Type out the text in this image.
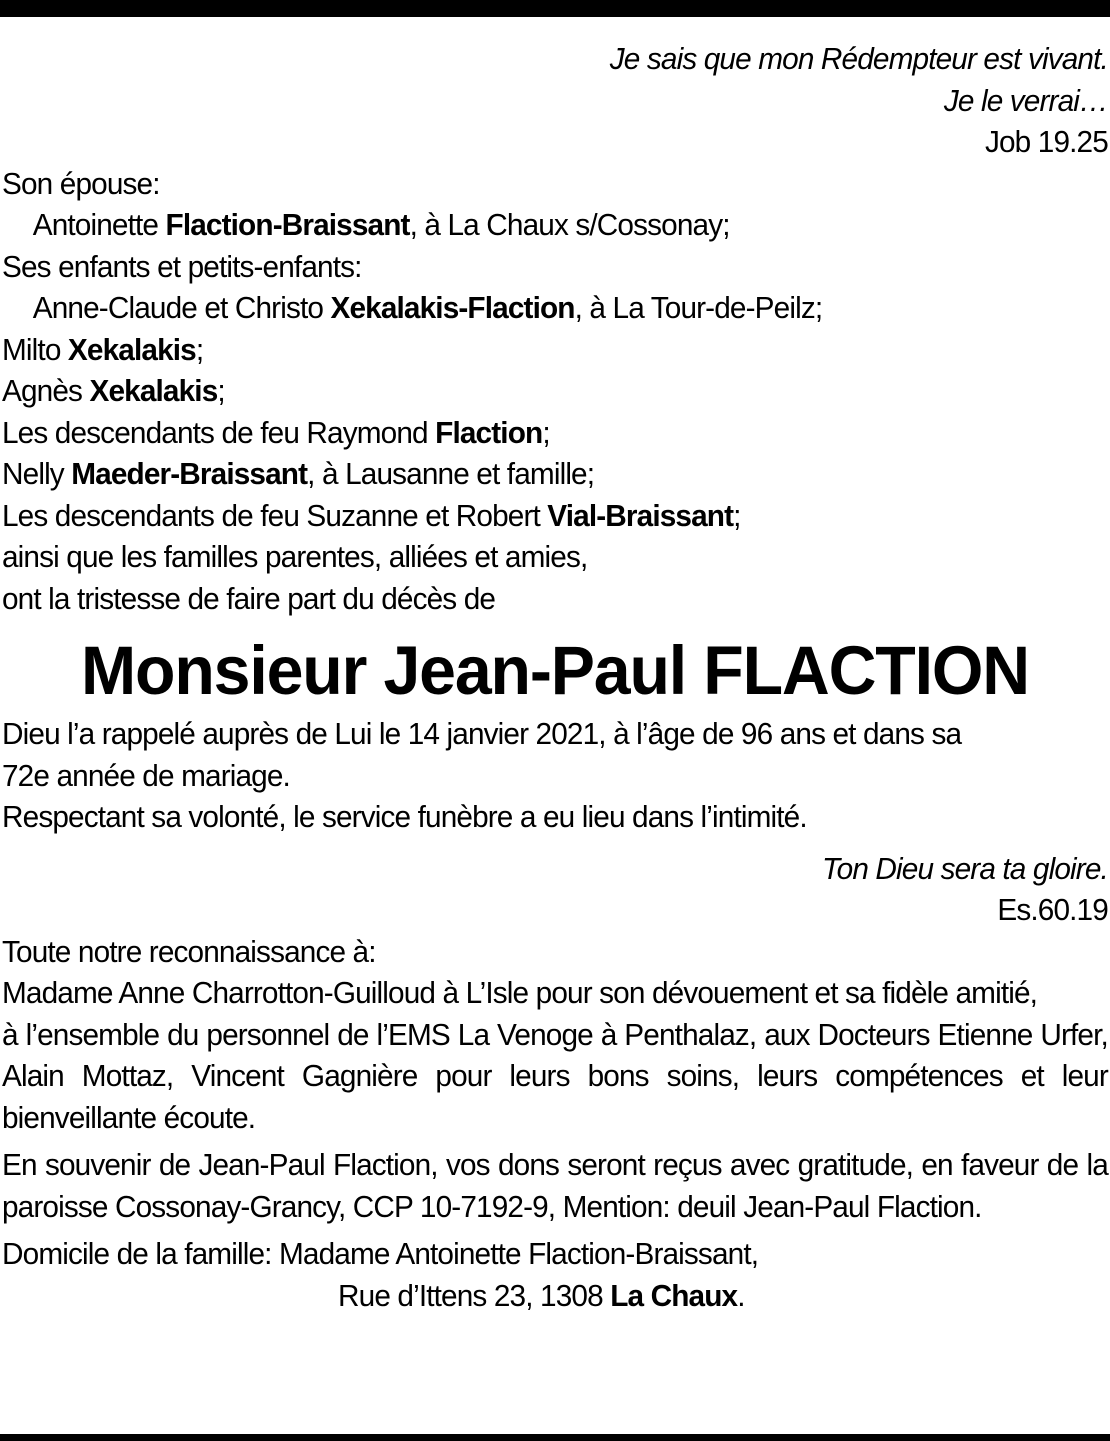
Je sais que mon Rédempteur est vivant.
Je le verrai…
Job 19.25
Son épouse:
Antoinette Flaction-Braissant, à La Chaux s/Cossonay;
Ses enfants et petits-enfants:
Anne-Claude et Christo Xekalakis-Flaction, à La Tour-de-Peilz;
Milto Xekalakis;
Agnès Xekalakis;
Les descendants de feu Raymond Flaction;
Nelly Maeder-Braissant, à Lausanne et famille;
Les descendants de feu Suzanne et Robert Vial-Braissant;
ainsi que les familles parentes, alliées et amies,
ont la tristesse de faire part du décès de
Monsieur Jean-Paul FLACTION
Dieu l’a rappelé auprès de Lui le 14 janvier 2021, à l’âge de 96 ans et dans sa
72e année de mariage.
Respectant sa volonté, le service funèbre a eu lieu dans l’intimité.
Ton Dieu sera ta gloire.
Es.60.19
Toute notre reconnaissance à:
Madame Anne Charrotton-Guilloud à L’Isle pour son dévouement et sa fidèle amitié,
à l’ensemble du personnel de l’EMS La Venoge à Penthalaz, aux Docteurs Etienne Urfer, Alain Mottaz, Vincent Gagnière pour leurs bons soins, leurs compétences et leur bienveillante écoute.
En souvenir de Jean-Paul Flaction, vos dons seront reçus avec gratitude, en faveur de la paroisse Cossonay-Grancy, CCP 10-7192-9, Mention: deuil Jean-Paul Flaction.
Domicile de la famille: Madame Antoinette Flaction-Braissant,
Rue d’Ittens 23, 1308 La Chaux.
